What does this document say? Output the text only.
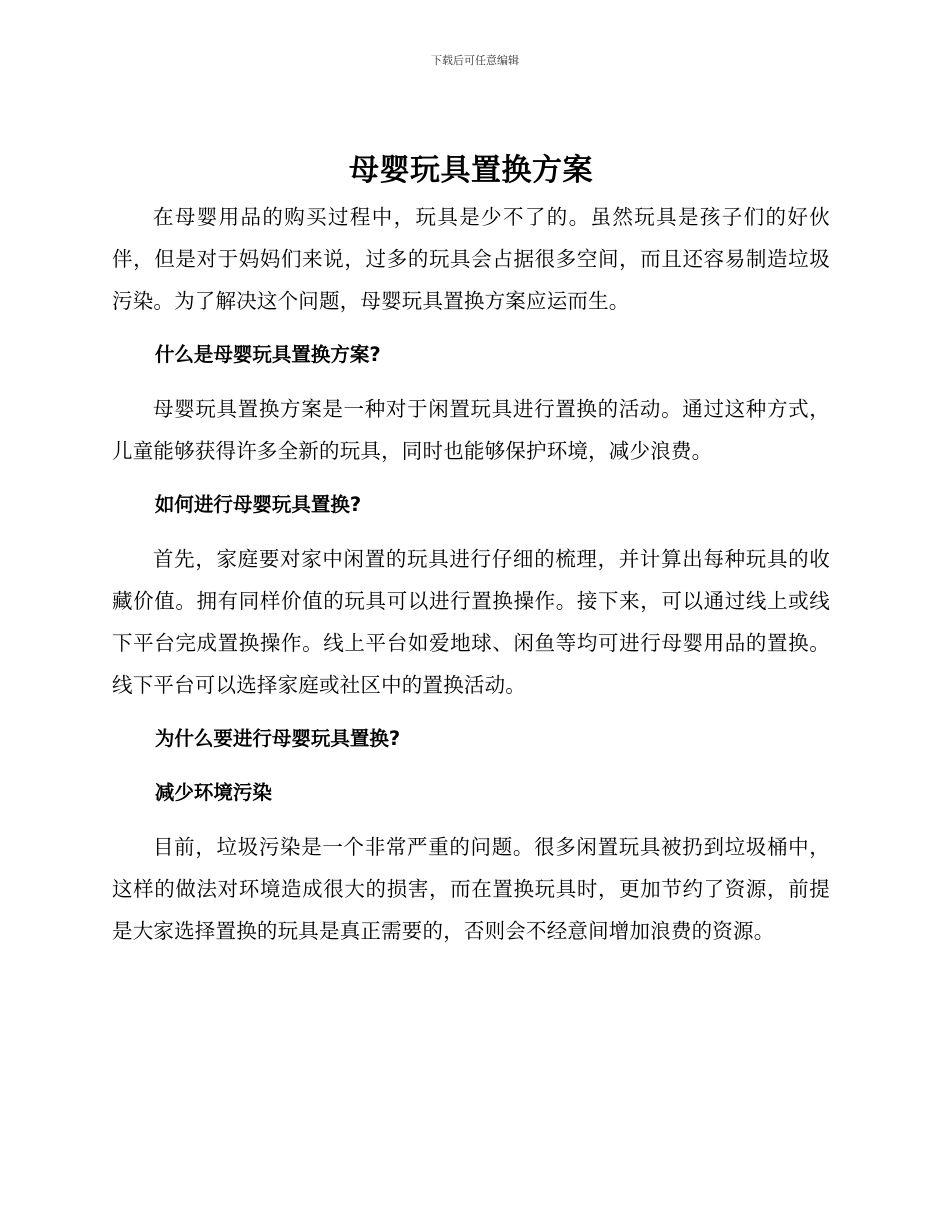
下载后可任意编辑
母婴玩具置换方案

在母婴用品的购买过程中，玩具是少不了的。虽然玩具是孩子们的好伙伴，但是对于妈妈们来说，过多的玩具会占据很多空间，而且还容易制造垃圾污染。为了解决这个问题，母婴玩具置换方案应运而生。

什么是母婴玩具置换方案?

母婴玩具置换方案是一种对于闲置玩具进行置换的活动。通过这种方式，儿童能够获得许多全新的玩具，同时也能够保护环境，减少浪费。

如何进行母婴玩具置换?

首先，家庭要对家中闲置的玩具进行仔细的梳理，并计算出每种玩具的收藏价值。拥有同样价值的玩具可以进行置换操作。接下来，可以通过线上或线下平台完成置换操作。线上平台如爱地球、闲鱼等均可进行母婴用品的置换。线下平台可以选择家庭或社区中的置换活动。

为什么要进行母婴玩具置换?

减少环境污染

目前，垃圾污染是一个非常严重的问题。很多闲置玩具被扔到垃圾桶中，这样的做法对环境造成很大的损害，而在置换玩具时，更加节约了资源，前提是大家选择置换的玩具是真正需要的，否则会不经意间增加浪费的资源。
